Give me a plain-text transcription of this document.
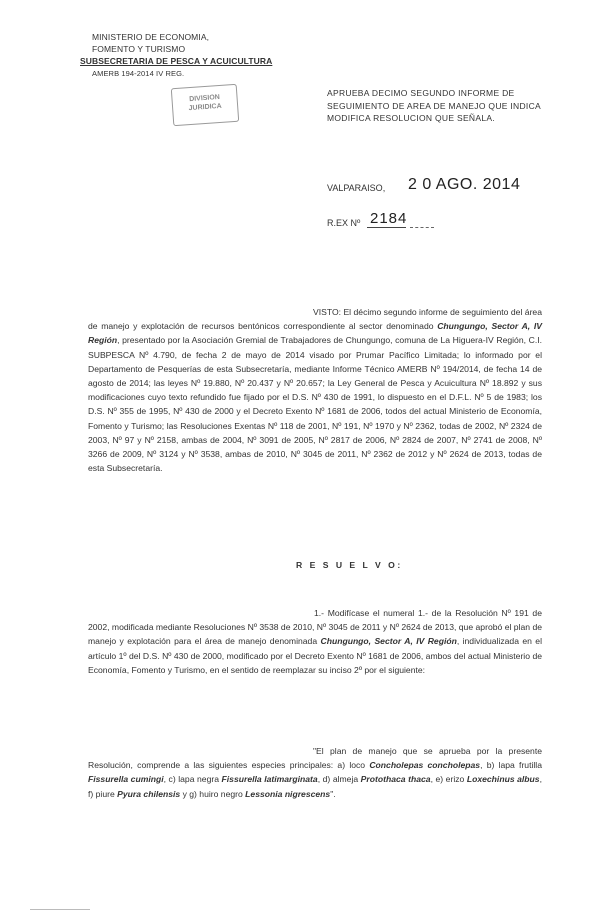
MINISTERIO DE ECONOMIA,
FOMENTO Y TURISMO
SUBSECRETARIA DE PESCA Y ACUICULTURA
AMERB 194-2014 IV REG.
DIVISION
JURIDICA
APRUEBA DECIMO SEGUNDO INFORME DE SEGUIMIENTO DE AREA DE MANEJO QUE INDICA MODIFICA RESOLUCION QUE SEÑALA.
VALPARAISO, 2 0 AGO. 2014
R.EX Nº 2184
VISTO: El décimo segundo informe de seguimiento del área de manejo y explotación de recursos bentónicos correspondiente al sector denominado Chungungo, Sector A, IV Región, presentado por la Asociación Gremial de Trabajadores de Chungungo, comuna de La Higuera-IV Región, C.I. SUBPESCA Nº 4.790, de fecha 2 de mayo de 2014 visado por Prumar Pacífico Limitada; lo informado por el Departamento de Pesquerías de esta Subsecretaría, mediante Informe Técnico AMERB Nº 194/2014, de fecha 14 de agosto de 2014; las leyes Nº 19.880, Nº 20.437 y Nº 20.657; la Ley General de Pesca y Acuicultura Nº 18.892 y sus modificaciones cuyo texto refundido fue fijado por el D.S. Nº 430 de 1991, lo dispuesto en el D.F.L. Nº 5 de 1983; los D.S. Nº 355 de 1995, Nº 430 de 2000 y el Decreto Exento Nº 1681 de 2006, todos del actual Ministerio de Economía, Fomento y Turismo; las Resoluciones Exentas Nº 118 de 2001, Nº 191, Nº 1970 y Nº 2362, todas de 2002, Nº 2324 de 2003, Nº 97 y Nº 2158, ambas de 2004, Nº 3091 de 2005, Nº 2817 de 2006, Nº 2824 de 2007, Nº 2741 de 2008, Nº 3266 de 2009, Nº 3124 y Nº 3538, ambas de 2010, Nº 3045 de 2011, Nº 2362 de 2012 y Nº 2624 de 2013, todas de esta Subsecretaría.
R E S U E L V O:
1.- Modifícase el numeral 1.- de la Resolución Nº 191 de 2002, modificada mediante Resoluciones Nº 3538 de 2010, Nº 3045 de 2011 y Nº 2624 de 2013, que aprobó el plan de manejo y explotación para el área de manejo denominada Chungungo, Sector A, IV Región, individualizada en el artículo 1º del D.S. Nº 430 de 2000, modificado por el Decreto Exento Nº 1681 de 2006, ambos del actual Ministerio de Economía, Fomento y Turismo, en el sentido de reemplazar su inciso 2º por el siguiente:
"El plan de manejo que se aprueba por la presente Resolución, comprende a las siguientes especies principales: a) loco Concholepas concholepas, b) lapa frutilla Fissurella cumingi, c) lapa negra Fissurella latimarginata, d) almeja Protothaca thaca, e) erizo Loxechinus albus, f) piure Pyura chilensis y g) huiro negro Lessonia nigrescens".
